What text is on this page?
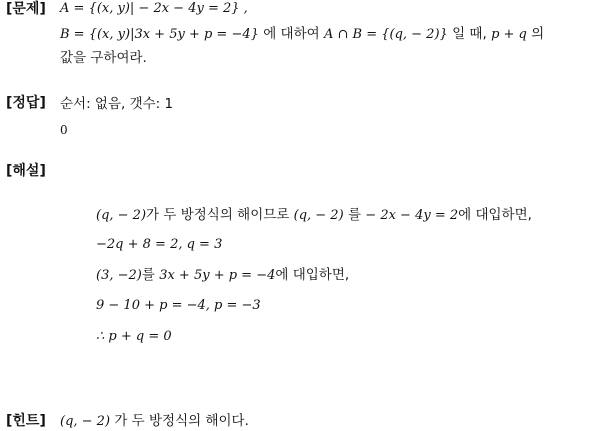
[문제] A = {(x, y)| − 2x − 4y = 2} ,
B = {(x, y)|3x + 5y + p = −4} 에 대하여 A ∩ B = {(q, − 2)} 일 때, p + q 의
값을 구하여라.
[정답] 순서: 없음, 갯수: 1
0
[해설]
(q, − 2)가 두 방정식의 해이므로 (q, − 2) 를 − 2x − 4y = 2에 대입하면,
−2q + 8 = 2, q = 3
(3, −2)를 3x + 5y + p = −4에 대입하면,
9 − 10 + p = −4, p = −3
∴ p + q = 0
[힌트] (q, − 2) 가 두 방정식의 해이다.
